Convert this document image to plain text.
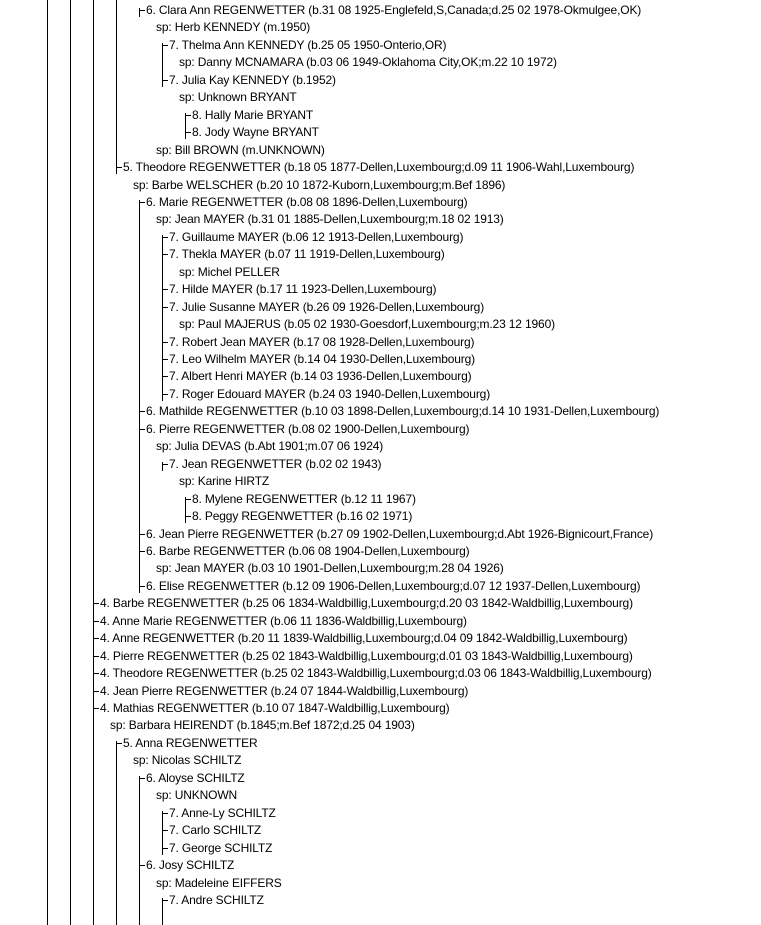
6. Clara Ann REGENWETTER (b.31 08 1925-Englefeld,S,Canada;d.25 02 1978-Okmulgee,OK)
sp: Herb KENNEDY (m.1950)
7. Thelma Ann KENNEDY (b.25 05 1950-Onterio,OR)
sp: Danny MCNAMARA (b.03 06 1949-Oklahoma City,OK;m.22 10 1972)
7. Julia Kay KENNEDY (b.1952)
sp: Unknown BRYANT
8. Hally Marie BRYANT
8. Jody Wayne BRYANT
sp: Bill BROWN (m.UNKNOWN)
5. Theodore REGENWETTER (b.18 05 1877-Dellen,Luxembourg;d.09 11 1906-Wahl,Luxembourg)
sp: Barbe WELSCHER (b.20 10 1872-Kuborn,Luxembourg;m.Bef 1896)
6. Marie REGENWETTER (b.08 08 1896-Dellen,Luxembourg)
sp: Jean MAYER (b.31 01 1885-Dellen,Luxembourg;m.18 02 1913)
7. Guillaume MAYER (b.06 12 1913-Dellen,Luxembourg)
7. Thekla MAYER (b.07 11 1919-Dellen,Luxembourg)
sp: Michel PELLER
7. Hilde MAYER (b.17 11 1923-Dellen,Luxembourg)
7. Julie Susanne MAYER (b.26 09 1926-Dellen,Luxembourg)
sp: Paul MAJERUS (b.05 02 1930-Goesdorf,Luxembourg;m.23 12 1960)
7. Robert Jean MAYER (b.17 08 1928-Dellen,Luxembourg)
7. Leo Wilhelm MAYER (b.14 04 1930-Dellen,Luxembourg)
7. Albert Henri MAYER (b.14 03 1936-Dellen,Luxembourg)
7. Roger Edouard MAYER (b.24 03 1940-Dellen,Luxembourg)
6. Mathilde REGENWETTER (b.10 03 1898-Dellen,Luxembourg;d.14 10 1931-Dellen,Luxembourg)
6. Pierre REGENWETTER (b.08 02 1900-Dellen,Luxembourg)
sp: Julia DEVAS (b.Abt 1901;m.07 06 1924)
7. Jean REGENWETTER (b.02 02 1943)
sp: Karine HIRTZ
8. Mylene REGENWETTER (b.12 11 1967)
8. Peggy REGENWETTER (b.16 02 1971)
6. Jean Pierre REGENWETTER (b.27 09 1902-Dellen,Luxembourg;d.Abt 1926-Bignicourt,France)
6. Barbe REGENWETTER (b.06 08 1904-Dellen,Luxembourg)
sp: Jean MAYER (b.03 10 1901-Dellen,Luxembourg;m.28 04 1926)
6. Elise REGENWETTER (b.12 09 1906-Dellen,Luxembourg;d.07 12 1937-Dellen,Luxembourg)
4. Barbe REGENWETTER (b.25 06 1834-Waldbillig,Luxembourg;d.20 03 1842-Waldbillig,Luxembourg)
4. Anne Marie REGENWETTER (b.06 11 1836-Waldbillig,Luxembourg)
4. Anne REGENWETTER (b.20 11 1839-Waldbillig,Luxembourg;d.04 09 1842-Waldbillig,Luxembourg)
4. Pierre REGENWETTER (b.25 02 1843-Waldbillig,Luxembourg;d.01 03 1843-Waldbillig,Luxembourg)
4. Theodore REGENWETTER (b.25 02 1843-Waldbillig,Luxembourg;d.03 06 1843-Waldbillig,Luxembourg)
4. Jean Pierre REGENWETTER (b.24 07 1844-Waldbillig,Luxembourg)
4. Mathias REGENWETTER (b.10 07 1847-Waldbillig,Luxembourg)
sp: Barbara HEIRENDT (b.1845;m.Bef 1872;d.25 04 1903)
5. Anna REGENWETTER
sp: Nicolas SCHILTZ
6. Aloyse SCHILTZ
sp: UNKNOWN
7. Anne-Ly SCHILTZ
7. Carlo SCHILTZ
7. George SCHILTZ
6. Josy SCHILTZ
sp: Madeleine EIFFERS
7. Andre SCHILTZ
